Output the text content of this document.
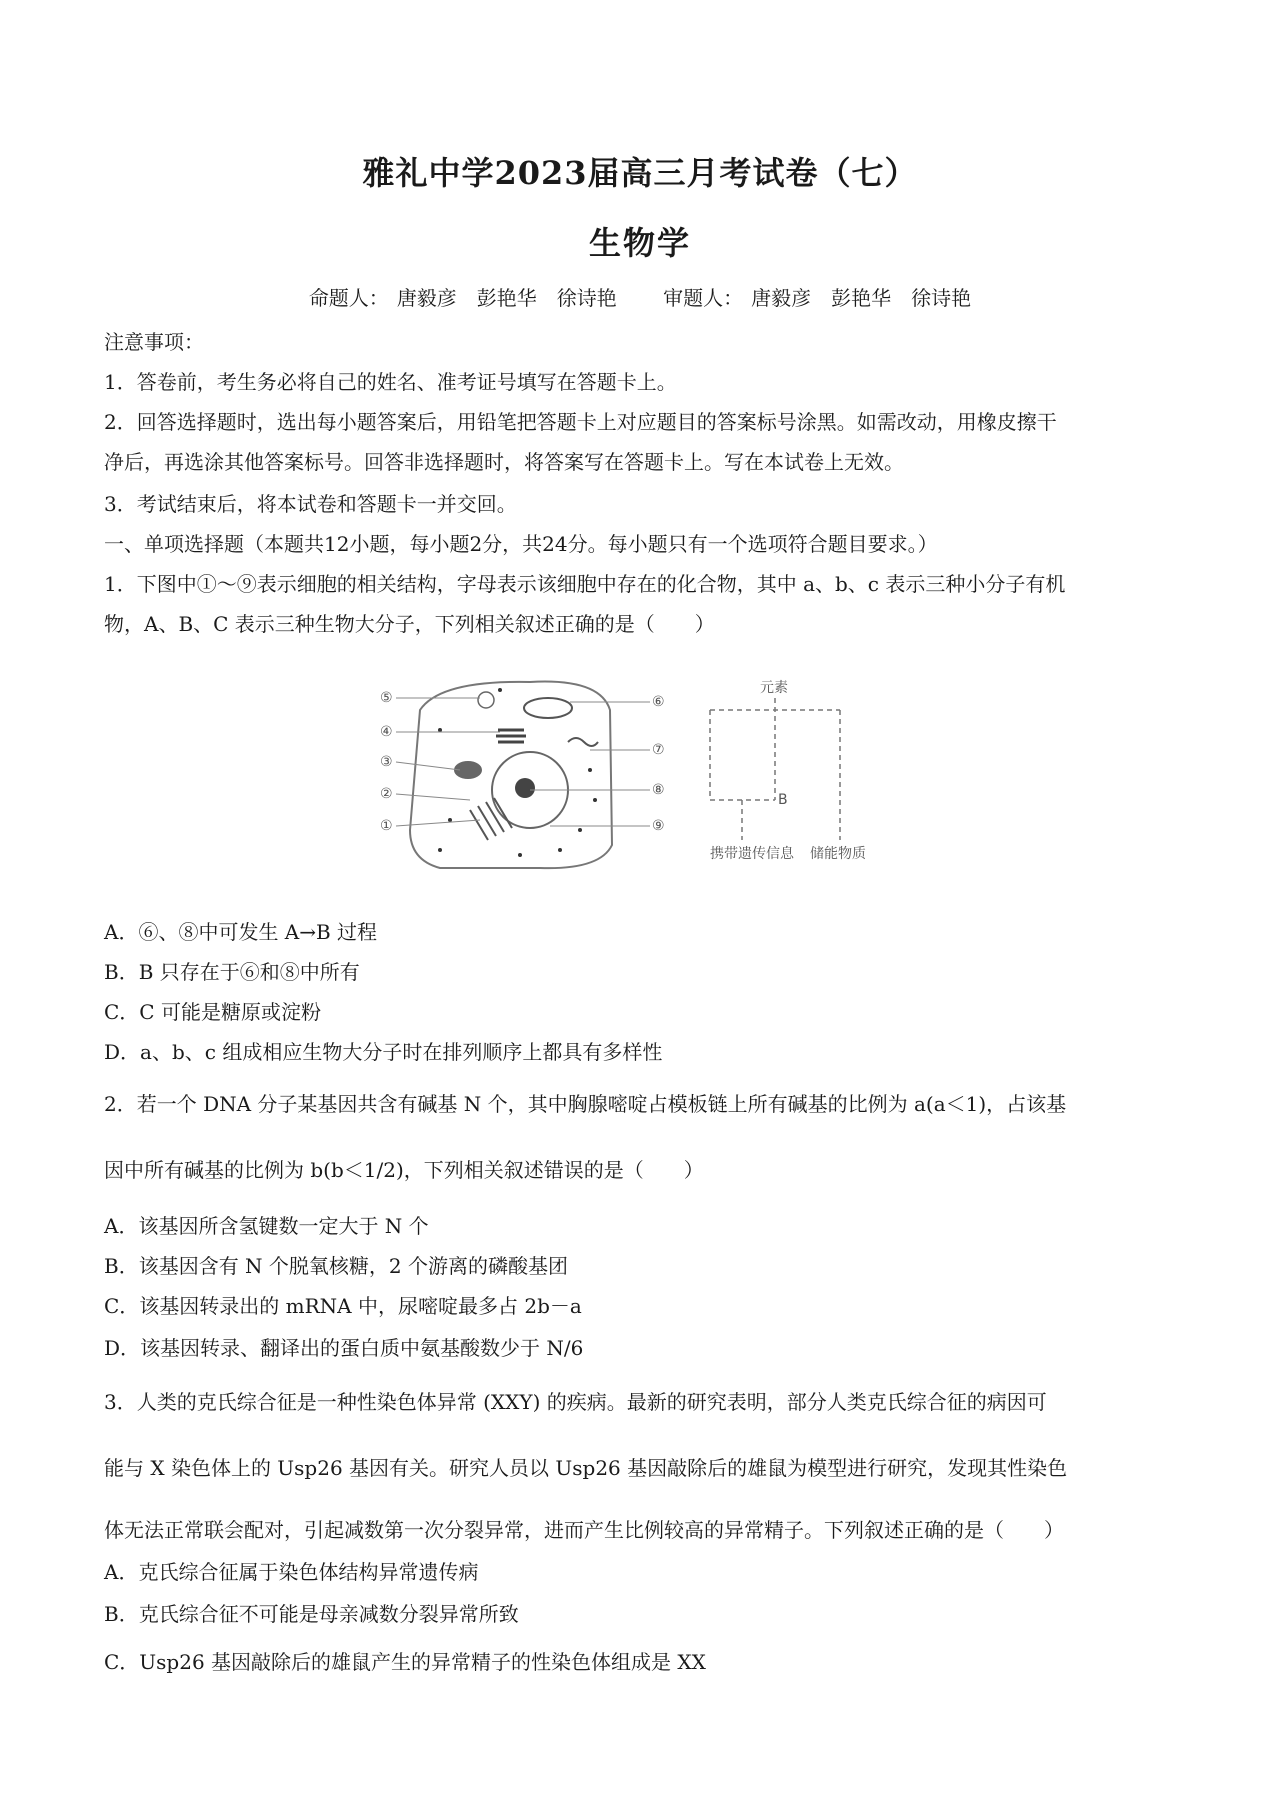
雅礼中学2023届高三月考试卷（七）
生物学
命题人： 唐毅彦　彭艳华　徐诗艳 审题人： 唐毅彦　彭艳华　徐诗艳
注意事项：
1．答卷前，考生务必将自己的姓名、准考证号填写在答题卡上。
2．回答选择题时，选出每小题答案后，用铅笔把答题卡上对应题目的答案标号涂黑。如需改动，用橡皮擦干
净后，再选涂其他答案标号。回答非选择题时，将答案写在答题卡上。写在本试卷上无效。
3．考试结束后，将本试卷和答题卡一并交回。
一、单项选择题（本题共12小题，每小题2分，共24分。每小题只有一个选项符合题目要求。）
1．下图中①～⑨表示细胞的相关结构，字母表示该细胞中存在的化合物，其中 a、b、c 表示三种小分子有机
物，A、B、C 表示三种生物大分子，下列相关叙述正确的是（　　）
⑤
④
③
②
①
⑥
⑦
⑧
⑨
元素
B
携带遗传信息 储能物质
A．⑥、⑧中可发生 A→B 过程
B．B 只存在于⑥和⑧中所有
C．C 可能是糖原或淀粉
D．a、b、c 组成相应生物大分子时在排列顺序上都具有多样性
2．若一个 DNA 分子某基因共含有碱基 N 个，其中胸腺嘧啶占模板链上所有碱基的比例为 a(a＜1)，占该基
因中所有碱基的比例为 b(b＜1/2)，下列相关叙述错误的是（　　）
A．该基因所含氢键数一定大于 N 个
B．该基因含有 N 个脱氧核糖，2 个游离的磷酸基团
C．该基因转录出的 mRNA 中，尿嘧啶最多占 2b－a
D．该基因转录、翻译出的蛋白质中氨基酸数少于 N/6
3．人类的克氏综合征是一种性染色体异常 (XXY) 的疾病。最新的研究表明，部分人类克氏综合征的病因可
能与 X 染色体上的 Usp26 基因有关。研究人员以 Usp26 基因敲除后的雄鼠为模型进行研究，发现其性染色
体无法正常联会配对，引起减数第一次分裂异常，进而产生比例较高的异常精子。下列叙述正确的是（　　）
A．克氏综合征属于染色体结构异常遗传病
B．克氏综合征不可能是母亲减数分裂异常所致
C．Usp26 基因敲除后的雄鼠产生的异常精子的性染色体组成是 XX
